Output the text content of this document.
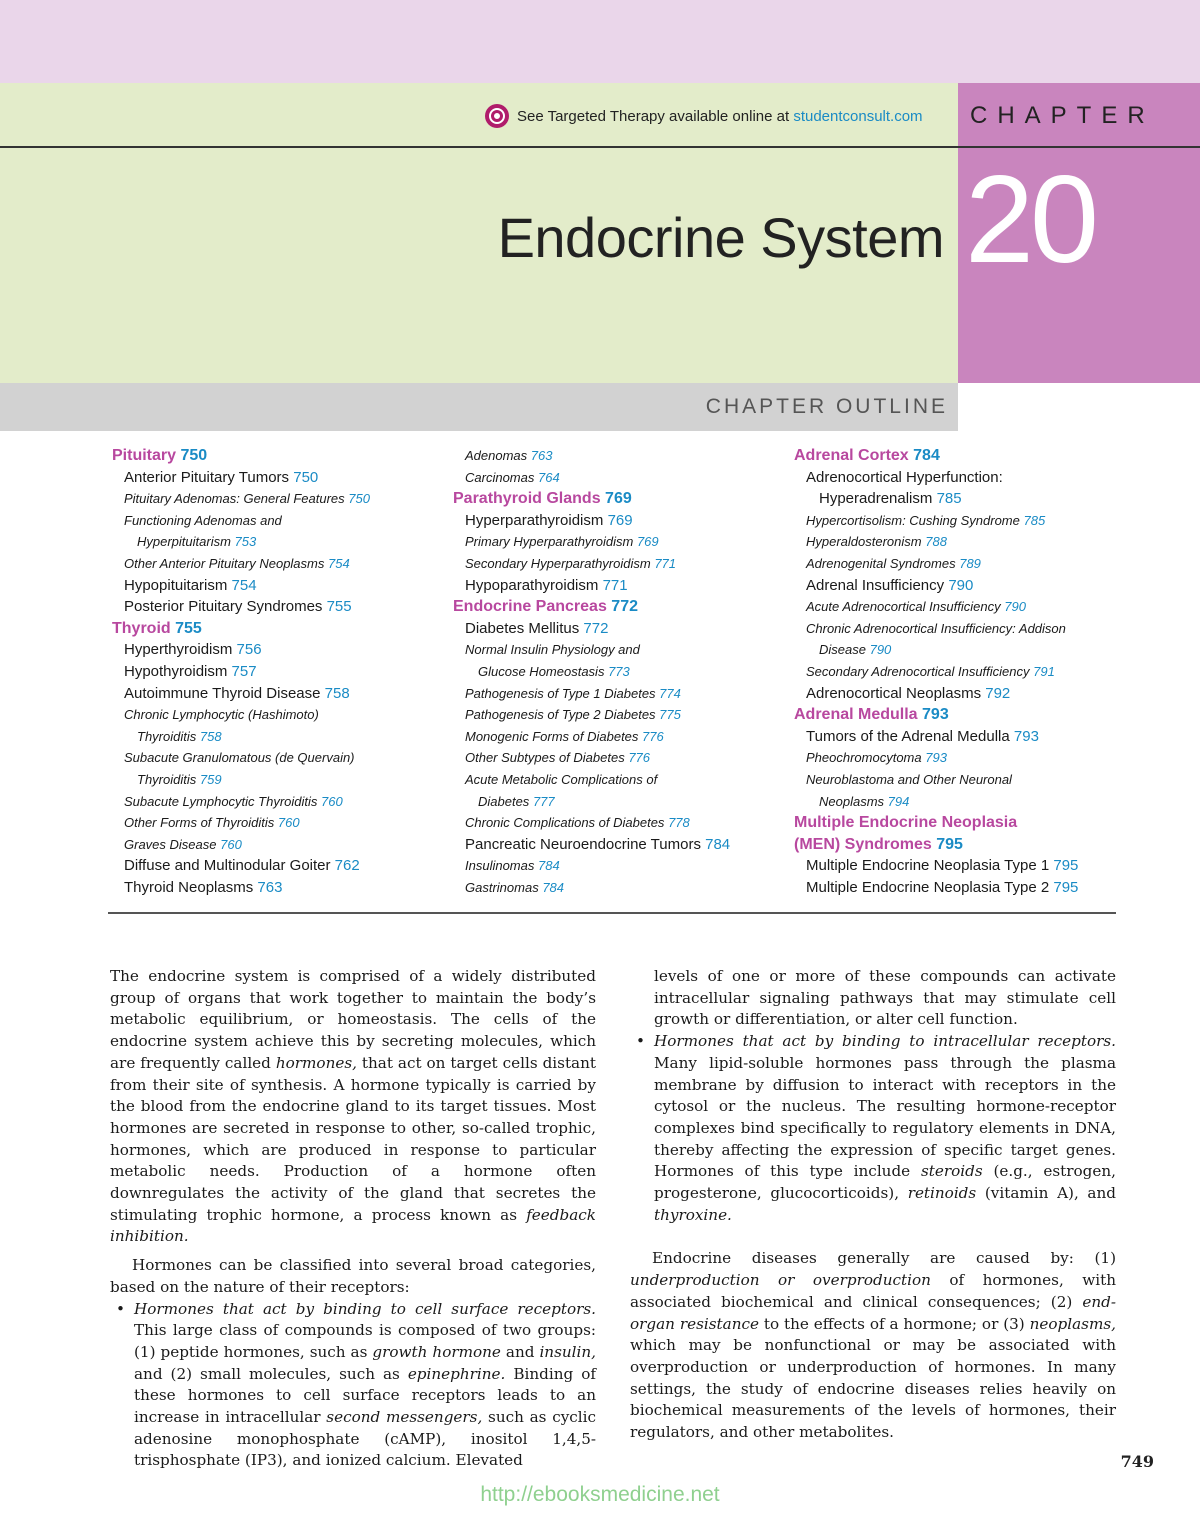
See Targeted Therapy available online at studentconsult.com CHAPTER
20
Endocrine System
CHAPTER OUTLINE
Pituitary 750
Anterior Pituitary Tumors 750
Pituitary Adenomas: General Features 750
Functioning Adenomas and
Hyperpituitarism 753
Other Anterior Pituitary Neoplasms 754
Hypopituitarism 754
Posterior Pituitary Syndromes 755
Thyroid 755
Hyperthyroidism 756
Hypothyroidism 757
Autoimmune Thyroid Disease 758
Chronic Lymphocytic (Hashimoto)
Thyroiditis 758
Subacute Granulomatous (de Quervain)
Thyroiditis 759
Subacute Lymphocytic Thyroiditis 760
Other Forms of Thyroiditis 760
Graves Disease 760
Diffuse and Multinodular Goiter 762
Thyroid Neoplasms 763
Adenomas 763
Carcinomas 764
Parathyroid Glands 769
Hyperparathyroidism 769
Primary Hyperparathyroidism 769
Secondary Hyperparathyroidism 771
Hypoparathyroidism 771
Endocrine Pancreas 772
Diabetes Mellitus 772
Normal Insulin Physiology and
Glucose Homeostasis 773
Pathogenesis of Type 1 Diabetes 774
Pathogenesis of Type 2 Diabetes 775
Monogenic Forms of Diabetes 776
Other Subtypes of Diabetes 776
Acute Metabolic Complications of
Diabetes 777
Chronic Complications of Diabetes 778
Pancreatic Neuroendocrine Tumors 784
Insulinomas 784
Gastrinomas 784
Adrenal Cortex 784
Adrenocortical Hyperfunction:
Hyperadrenalism 785
Hypercortisolism: Cushing Syndrome 785
Hyperaldosteronism 788
Adrenogenital Syndromes 789
Adrenal Insufficiency 790
Acute Adrenocortical Insufficiency 790
Chronic Adrenocortical Insufficiency: Addison
Disease 790
Secondary Adrenocortical Insufficiency 791
Adrenocortical Neoplasms 792
Adrenal Medulla 793
Tumors of the Adrenal Medulla 793
Pheochromocytoma 793
Neuroblastoma and Other Neuronal
Neoplasms 794
Multiple Endocrine Neoplasia
(MEN) Syndromes 795
Multiple Endocrine Neoplasia Type 1 795
Multiple Endocrine Neoplasia Type 2 795

The endocrine system is comprised of a widely distributed group of organs that work together to maintain the body’s metabolic equilibrium, or homeostasis. The cells of the endocrine system achieve this by secreting molecules, which are frequently called hormones, that act on target cells distant from their site of synthesis. A hormone typically is carried by the blood from the endocrine gland to its target tissues. Most hormones are secreted in response to other, so-called trophic, hormones, which are produced in response to particular metabolic needs. Production of a hormone often downregulates the activity of the gland that secretes the stimulating trophic hormone, a process known as feedback inhibition.

Hormones can be classified into several broad categories, based on the nature of their receptors:

• Hormones that act by binding to cell surface receptors. This large class of compounds is composed of two groups: (1) peptide hormones, such as growth hormone and insulin, and (2) small molecules, such as epinephrine. Binding of these hormones to cell surface receptors leads to an increase in intracellular second messengers, such as cyclic adenosine monophosphate (cAMP), inositol 1,4,5-trisphosphate (IP3), and ionized calcium. Elevated
levels of one or more of these compounds can activate intracellular signaling pathways that may stimulate cell growth or differentiation, or alter cell function.
• Hormones that act by binding to intracellular receptors. Many lipid-soluble hormones pass through the plasma membrane by diffusion to interact with receptors in the cytosol or the nucleus. The resulting hormone-receptor complexes bind specifically to regulatory elements in DNA, thereby affecting the expression of specific target genes. Hormones of this type include steroids (e.g., estrogen, progesterone, glucocorticoids), retinoids (vitamin A), and thyroxine.

Endocrine diseases generally are caused by: (1) underproduction or overproduction of hormones, with associated biochemical and clinical consequences; (2) end-organ resistance to the effects of a hormone; or (3) neoplasms, which may be nonfunctional or may be associated with overproduction or underproduction of hormones. In many settings, the study of endocrine diseases relies heavily on biochemical measurements of the levels of hormones, their regulators, and other metabolites.

749
http://ebooksmedicine.net
